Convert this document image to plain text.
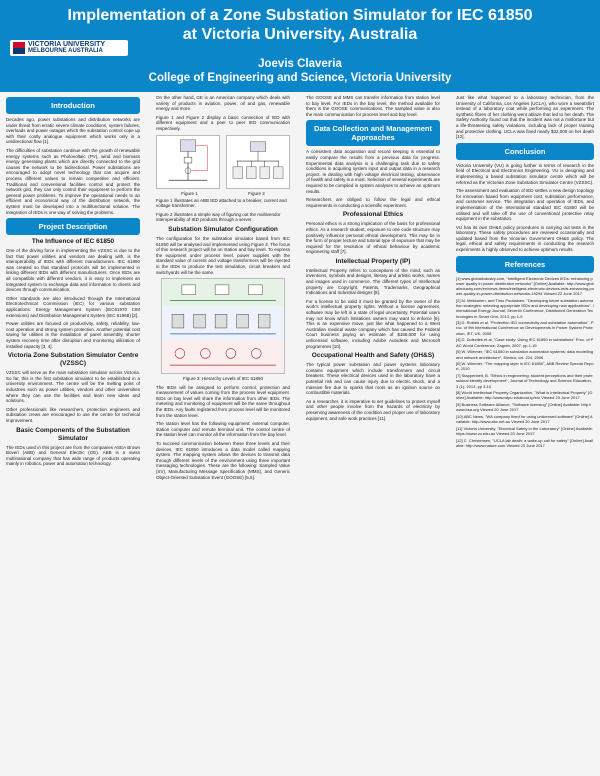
Implementation of a Zone Substation Simulator for IEC 61850
at Victoria University, Australia
VICTORIA UNIVERSITY
MELBOURNE AUSTRALIA
Joevis Claveria
College of Engineering and Science, Victoria University
Introduction
Decades ago, power substations and distribution networks are under threat from erratic severe climate conditions, system failures, overloads and power outages which the substation control cope up with their costly analogue equipment which works only in a unidirectional flow [1].
The difficulties of substation continue with the growth of renewable energy systems such as Photovoltaic (PV), wind and biomass energy generating plants which are directly connected to the grid causes the network to be bidirectional. Power substations are encouraged to adopt novel technology that can acquire and process different values to remain competitive and efficient. Traditional and conventional facilities control and protect the network grid, they can only control their equipment to perform the general power problems. To improve the operational needs to an efficient and economical way of the distribution network, the system must be developed into a multifunctional solution. The integration of IEDs is one way of solving the problems.
Project Description
The Influence of IEC 61850
One of the driving force in implementing the VZSSC is due to the fact that power utilities and vendors are dealing with, is the interoperability of IEDs with different manufacturers. IEC 61850 was created so that standard protocols will be implemented in linking different IEDs with different manufacturers. Once IEDs are all compatible with different vendors, it is easy to implement an integrated system to exchange data and information to clients and devices through communication.
Other standards are also introduced through the International Electrotechnical Commission (IEC) for various substation applications: Energy Management System (IEC61970 CIM extensions) and Distribution Management System (IEC 61968) [2].
Power utilities are focused on productivity, safety, reliability, low-cost operation and strong system protection. Another potential cost saving for utilities is the installation of panel assembly, shorter system recovery time after disruption and monitoring utilization of installed capacity [3, 4].
Victoria Zone Substation Simulator Centre (VZSSC)
VZSSC will serve as the main substation simulator across Victoria. So far, this is the first substation simulator to be established in a university environment. The centre will be the melting point of industries such as power utilities, vendors and other universities where they can use the facilities and learn new ideas and solutions.
Other professionals like researchers, protection engineers and substation crews are encouraged to use the centre for technical improvement.
Basic Components of the Substation Simulator
The IEDs used in this project are from the companies ASEA Brown Boveri (ABB) and General Electric (GE). ABB is a swiss multinational company that has wide range of products operating mainly in robotics, power and automation technology.
On the other hand, GE is an American company which deals with variety of products in aviation, power, oil and gas, renewable energy and more.
Figure 1 and Figure 2 display a basic connection of IED with different equipment and a peer to peer IED communication respectively.
Figure 1	Figure 2
Figure 1 illustrates an ABB IED attached to a breaker, current and voltage transformer.
Figure 2 illustrates a simple way of figuring out the multivendor interoperability of IED products through a server.
Substation Simulator Configuration
The configuration for the substation simulator based from IEC 61850 will be analysed and implemented using Figure 3. The focus of this research project will be on station and bay level. To express the equipment under process level, power supplies with the standard value of current and voltage transformers will be injected in the IEDs to produce the test simulation, circuit breakers and switchyards will be the same.
Figure 3: Hierarchy Levels of IEC 61850
The IEDs will be assigned to perform control, protection and measurement of values coming from the process level equipment. IEDs on bay level will share the information from other IEDs. The metering and monitoring of equipment will be the same throughout the IEDs. Any faults registered from process level will be monitored from the station level.
The station level has the following equipment: external computer, station computer and remote terminal unit. The control centre of the station level can monitor all the information from the bay level.
To succeed communication between these three levels and their devices, IEC 61850 introduces a data model called mapping system. The mapping system allows the devices to transmit data through different levels of the environment using three important messaging technologies. These are the following: Sampled Value (SV), Manufacturing Message Specification (MMS), and Generic Object-Oriented Substation Event (GOOSE) [5,6].
The GOOSE and MMS can transfer information from station level to bay level. For IEDs in the bay level, the method available for them is the GOOSE communications. The sampled value is also the main communication for process level and bay level.
Data Collection and Management Approaches
A consistent data acquisition and record keeping is essential to easily compare the results from a previous data for progress. Experimental data analysis is a challenging task due to safety conditions in acquiring system input and output data in a research project. In dealing with high voltage electrical testing, observance of health and safety is a must. Selection of several experiments are required to be compiled in system analyses to achieve an optimum results.
Researchers are obliged to follow the legal and ethical requirements in conducting a scientific experiment.
Professional Ethics
Personal ethics is a strong implication of the basis for professional ethics. As a research student, exposure to one code structure may positively influence personal ethical development. This may be in the form of proper lecture and tutorial type of exposure that may be required for the resolution of ethical behaviour by academic engineering staff [7].
Intellectual Property (IP)
Intellectual Property refers to conceptions of the mind, such as inventions, symbols and designs, literary and artistic works, names and images used in commerce. The different types of Intellectual property are Copyright, Patents, Trademarks, Geographical Indications and Industrial designs [8].
For a license to be valid it must be granted by the owner of the work's intellectual property rights. Without a license agreement, software may be left in a state of legal uncertainty. Potential users may not know which limitations owners may want to enforce [9]. This is an expensive move, just like what happened to a West Australian medical waste company which has caused the Federal Court business paying an estimate of $158,000 for using unlicensed software, including Adobe Autodesk and Microsoft programmes [10].
Occupational Health and Safety (OH&S)
The typical power substation and power systems laboratory contains equipment which include transformers and circuit breakers. These electrical devices used in the laboratory have a potential risk and can cause injury due to electric shock, and a massive fire due to sparks that roots as an ignition source on combustible materials.
As a researcher, it is imperative to set guidelines to protect myself and other people involve from the hazards of electricity by preserving awareness of the condition and proper use of laboratory equipment, and safe work practices [11].
Just like what happened to a laboratory technician, from the University of California, Los Angeles (UCLA), who wore a sweatshirt instead of a laboratory coat while performing an experiment. The synthetic fibres of her clothing went ablaze that led to her death. The Safety Authority found out that the incident was not a misfortune but a life-threatening safety violations, including lack of proper training and protective clothing. UCLA was fined nearly $32,000 on her death [12].
Conclusion
Victoria University (VU) is going further in terms of research in the field of Electrical and Electronics Engineering. VU is designing and implementing a based substation simulator centre which will be referred as the Victorian Zone Substation Simulator Centre (VZSSC).
The assessment and evaluation of IED settles a new design topology for innovation based from equipment cost, substation performance, and customer service. The integration and operation of IEDs, and implementation of the International standard IEC 61850 will be utilised and will take off the use of conventional protective relay equipment in the substation.
VU has its own OH&S policy procedures in carrying out tests in the laboratory. These safety procedures are reviewed occasionally and updated based from the Victorian Government OH&S policy. The legal, ethical and safety requirements in conducting the research experiments is highly observed to achieve optimum results.
References
[1] www.globalindustry.com, "Intelligent Electronic Devices IEDs: enhancing power quality in power distribution networks" [Online] Available: http://www.globalindustry.com/en/news-items/intelligent-electronic-devices-ieds-enhancing-power-quality-in-power-distribution-networks-19294 Viewed 22 June 2017
[2] M. Mekkanen, and Timo Poutiainen, "Developing future substation automation strategies: selecting appropriate IEDs and developing new applications", International Energy Journal, Seventh Conference, Distributed Generation Technologies in Smart Grid, 2013, pp 1-9
[3] D. Roblek et al, "Protection IED connectivity and substation automation", Proc. of 9th International Conference on Developments in Power System Protection, IET, UK, 2008
[4] D. Dolezilek et al, "Case study: Using IEC 61850 in substations" Proc. of PAC World Conference, Zagreb, 2007, pp 1-15
[5] W. Wimmer, "IEC 61850 in substation automation systems: data modelling and network architecture", Electra, vol. 224, 2006
[6] W. Wimmer, "The mapping layer in IEC 61850", ABB Review Special Report, 2010
[7] Stappenbelt, B. "Ethics in engineering: student perceptions and their professional identity development", Journal of Technology and Science Education, 3 (1), 2013, pp 3-10
[8] World Intellectual Property Organization, "What is Intellectual Property" [Online] Available: http://www.wipo.int/about-ip/en/ Viewed 20 June 2017
[9] Business Software Alliance, "Software licensing" [Online] Available: http://www.bsa.org Viewed 20 June 2017
[10] ABC News, "WA company fined for using unlicensed software" [Online] Available: http://www.abc.net.au Viewed 20 June 2017
[11] Victoria University, "Electrical Safety in the Laboratory" [Online] Available: https://www.vu.edu.au Viewed 20 June 2017
[12] C. Christensen, "UCLA lab death: a wake-up call for safety" [Online] Available: http://www.nature.com Viewed 20 June 2017
